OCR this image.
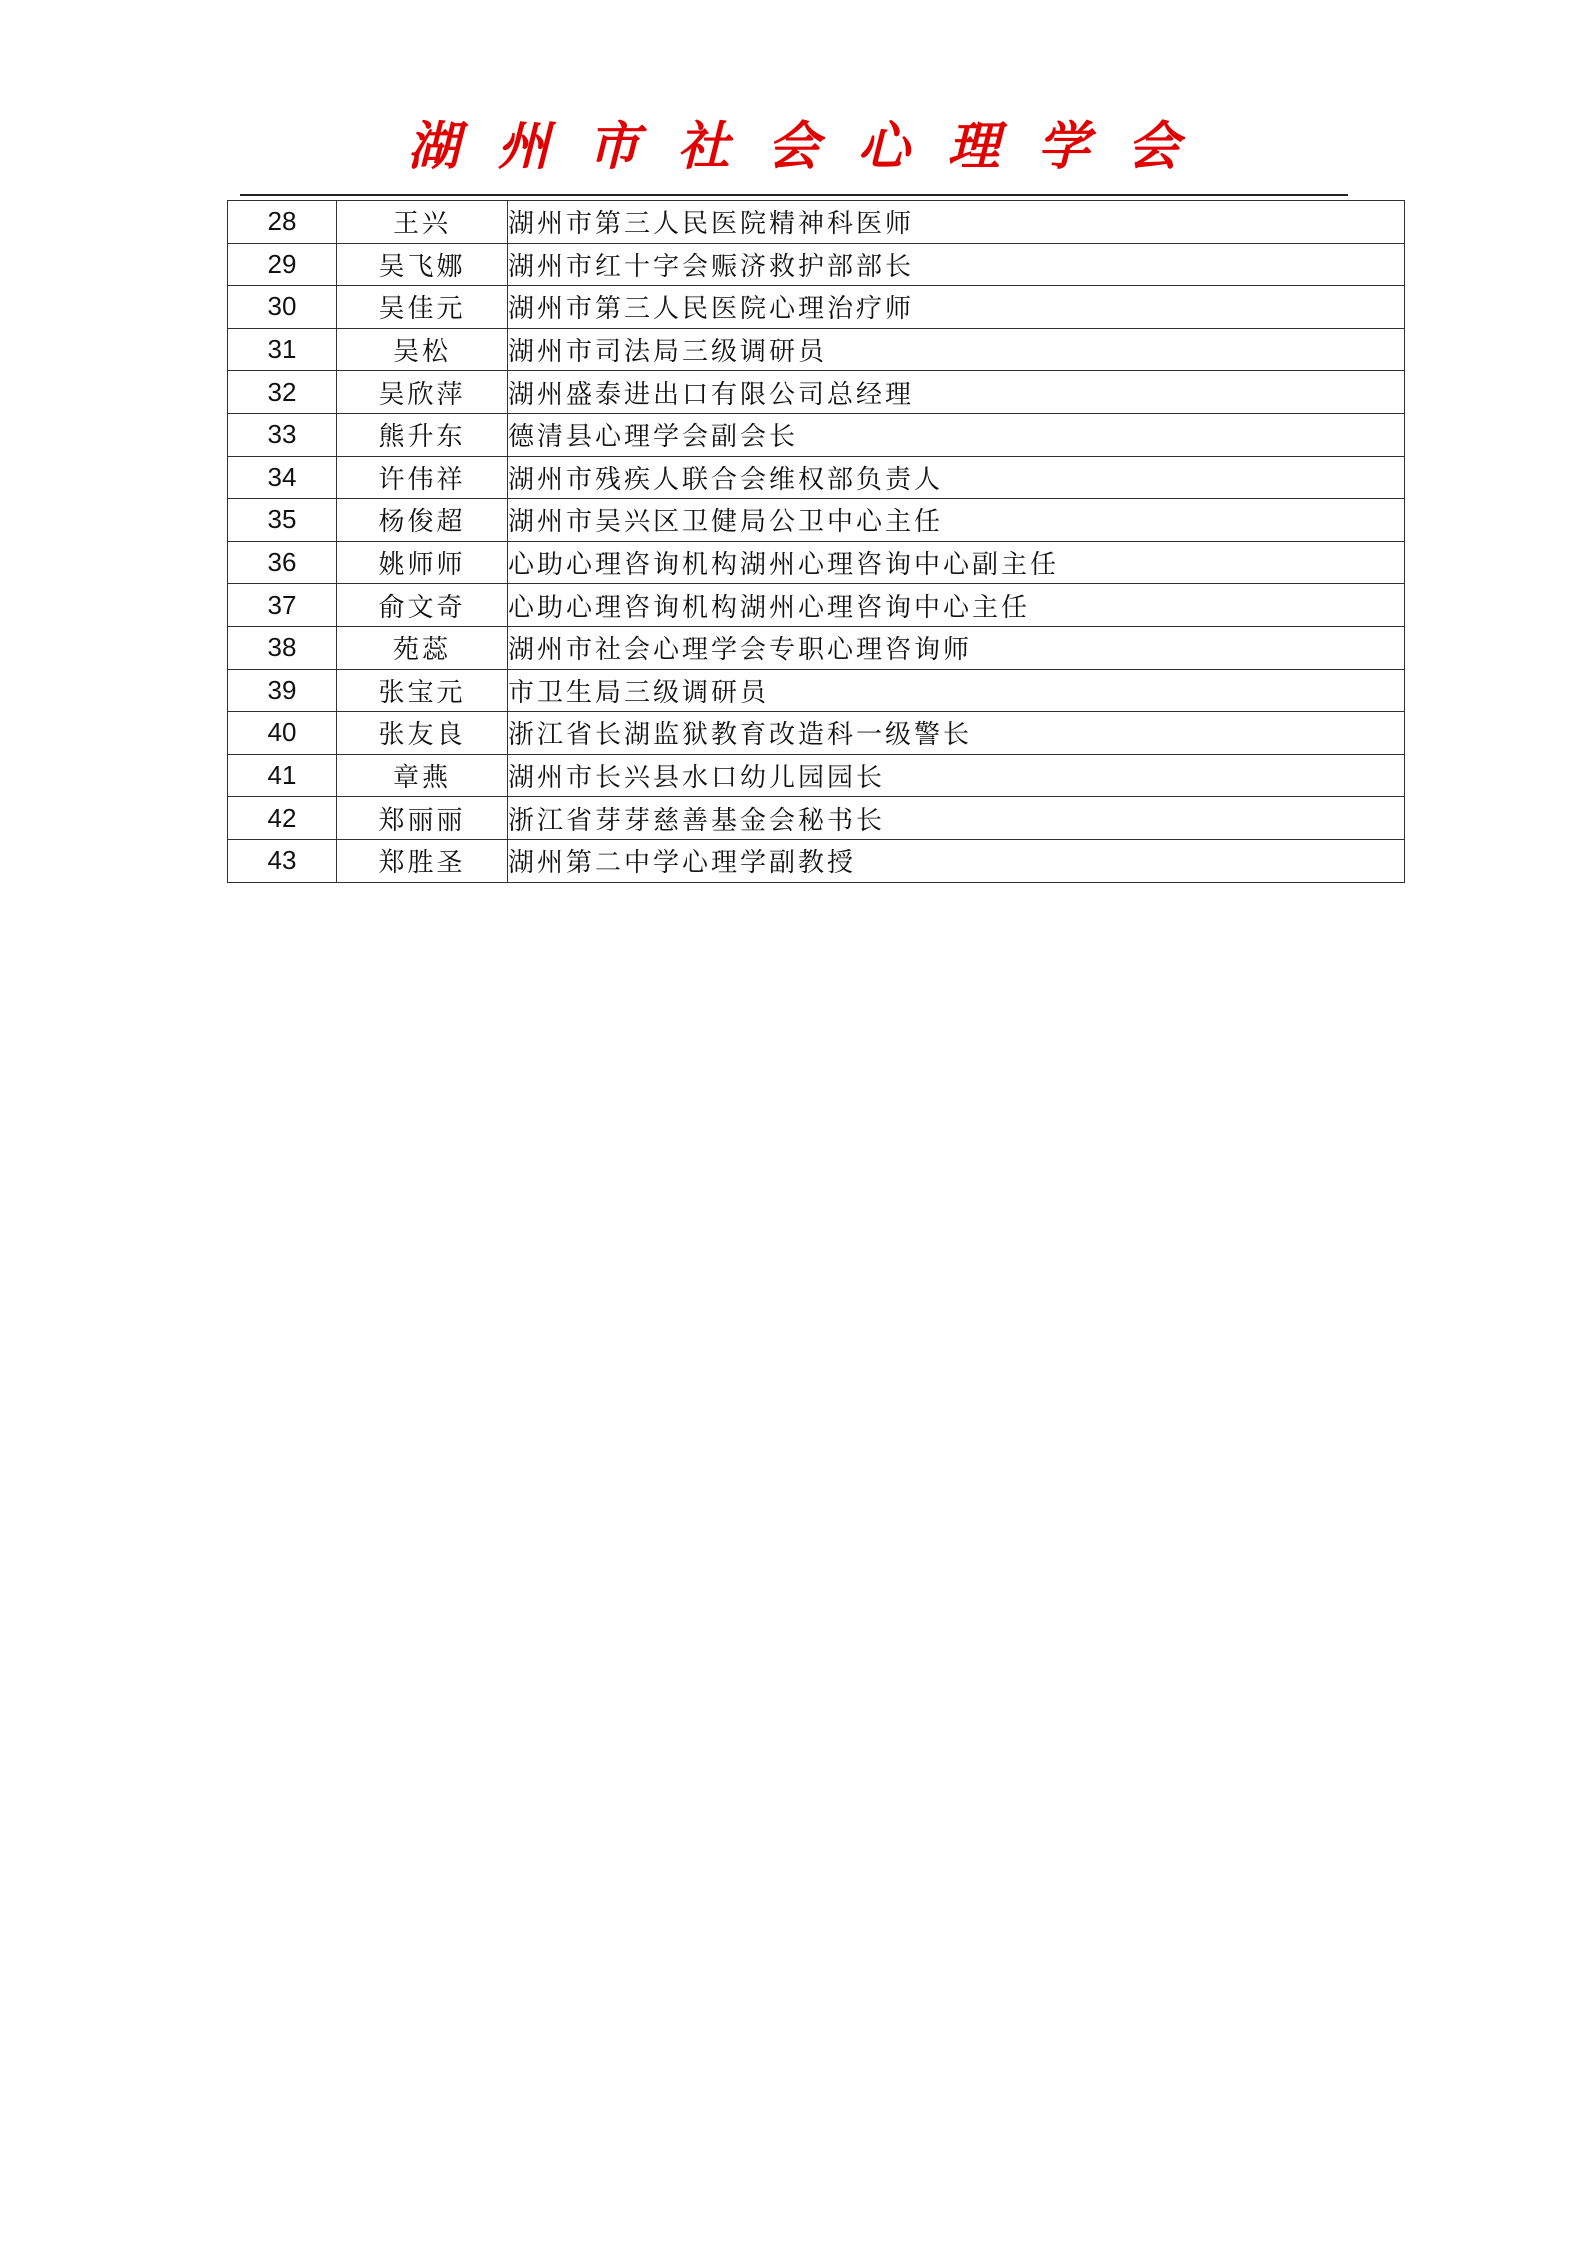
湖州市社会心理学会
28	王兴	湖州市第三人民医院精神科医师
29	吴飞娜	湖州市红十字会赈济救护部部长
30	吴佳元	湖州市第三人民医院心理治疗师
31	吴松	湖州市司法局三级调研员
32	吴欣萍	湖州盛泰进出口有限公司总经理
33	熊升东	德清县心理学会副会长
34	许伟祥	湖州市残疾人联合会维权部负责人
35	杨俊超	湖州市吴兴区卫健局公卫中心主任
36	姚师师	心助心理咨询机构湖州心理咨询中心副主任
37	俞文奇	心助心理咨询机构湖州心理咨询中心主任
38	苑蕊	湖州市社会心理学会专职心理咨询师
39	张宝元	市卫生局三级调研员
40	张友良	浙江省长湖监狱教育改造科一级警长
41	章燕	湖州市长兴县水口幼儿园园长
42	郑丽丽	浙江省芽芽慈善基金会秘书长
43	郑胜圣	湖州第二中学心理学副教授
